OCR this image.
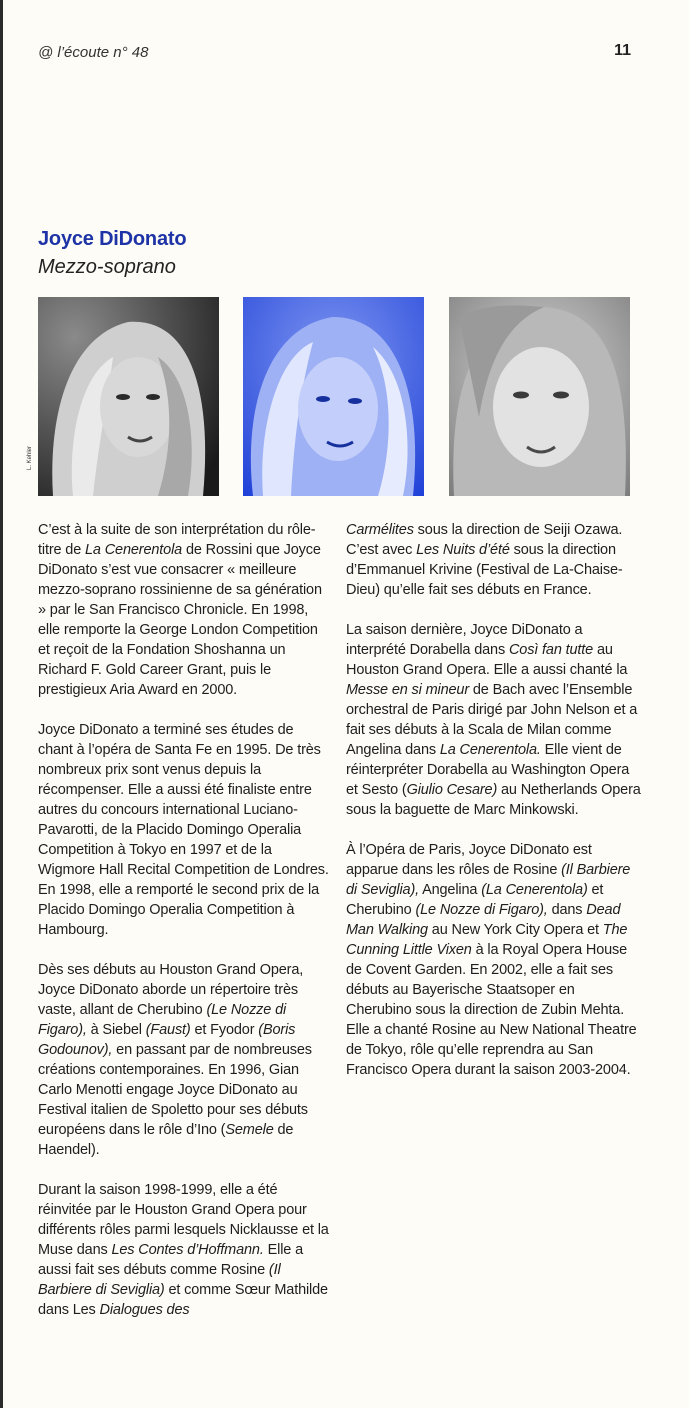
@ l’écoute n° 48	11
Joyce DiDonato
Mezzo-soprano
L. Kehler

C’est à la suite de son interprétation du rôle-titre de La Cenerentola de Rossini que Joyce DiDonato s’est vue consacrer « meilleure mezzo-soprano rossinienne de sa génération » par le San Francisco Chronicle. En 1998, elle remporte la George London Competition et reçoit de la Fondation Shoshanna un Richard F. Gold Career Grant, puis le prestigieux Aria Award en 2000.

Joyce DiDonato a terminé ses études de chant à l’opéra de Santa Fe en 1995. De très nombreux prix sont venus depuis la récompenser. Elle a aussi été finaliste entre autres du concours international Luciano-Pavarotti, de la Placido Domingo Operalia Competition à Tokyo en 1997 et de la Wigmore Hall Recital Competition de Londres. En 1998, elle a remporté le second prix de la Placido Domingo Operalia Competition à Hambourg.

Dès ses débuts au Houston Grand Opera, Joyce DiDonato aborde un répertoire très vaste, allant de Cherubino (Le Nozze di Figaro), à Siebel (Faust) et Fyodor (Boris Godounov), en passant par de nombreuses créations contemporaines. En 1996, Gian Carlo Menotti engage Joyce DiDonato au Festival italien de Spoletto pour ses débuts européens dans le rôle d’Ino (Semele de Haendel).

Durant la saison 1998-1999, elle a été réinvitée par le Houston Grand Opera pour différents rôles parmi lesquels Nicklausse et la Muse dans Les Contes d’Hoffmann. Elle a aussi fait ses débuts comme Rosine (Il Barbiere di Seviglia) et comme Sœur Mathilde dans Les Dialogues des

Carmélites sous la direction de Seiji Ozawa. C’est avec Les Nuits d’été sous la direction d’Emmanuel Krivine (Festival de La-Chaise-Dieu) qu’elle fait ses débuts en France.

La saison dernière, Joyce DiDonato a interprété Dorabella dans Così fan tutte au Houston Grand Opera. Elle a aussi chanté la Messe en si mineur de Bach avec l’Ensemble orchestral de Paris dirigé par John Nelson et a fait ses débuts à la Scala de Milan comme Angelina dans La Cenerentola. Elle vient de réinterpréter Dorabella au Washington Opera et Sesto (Giulio Cesare) au Netherlands Opera sous la baguette de Marc Minkowski.

À l’Opéra de Paris, Joyce DiDonato est apparue dans les rôles de Rosine (Il Barbiere di Seviglia), Angelina (La Cenerentola) et Cherubino (Le Nozze di Figaro), dans Dead Man Walking au New York City Opera et The Cunning Little Vixen à la Royal Opera House de Covent Garden. En 2002, elle a fait ses débuts au Bayerische Staatsoper en Cherubino sous la direction de Zubin Mehta. Elle a chanté Rosine au New National Theatre de Tokyo, rôle qu’elle reprendra au San Francisco Opera durant la saison 2003-2004.
